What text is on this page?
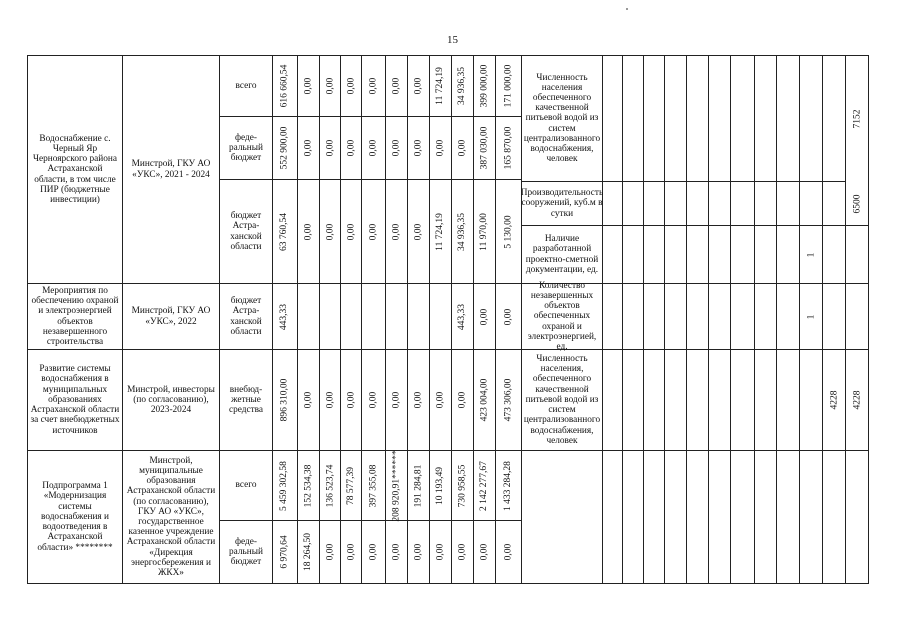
15
Водоснабжение с. Черный Яр Черноярского района Астраханской области, в том числе ПИР (бюджетные инвестиции)
Минстрой, ГКУ АО «УКС», 2021 - 2024
всего
феде-ральный бюджет
бюджет Астра-ханской области
Численность населения обеспеченного качественной питьевой водой из систем централизованного водоснабжения, человек
Производительность сооружений, куб.м в сутки
Наличие разработанной проектно-сметной документации, ед.
Мероприятия по обеспечению охраной и электроэнергией объектов незавершенного строительства
Минстрой, ГКУ АО «УКС», 2022
бюджет Астра-ханской области
Количество незавершенных объектов обеспеченных охраной и электроэнергией, ед.
Развитие системы водоснабжения в муниципальных образованиях Астраханской области за счет внебюджетных источников
Минстрой, инвесторы (по согласованию), 2023-2024
внебюд-жетные средства
Численность населения, обеспеченного качественной питьевой водой из систем централизованного водоснабжения, человек
Подпрограмма 1 «Модернизация системы водоснабжения и водоотведения в Астраханской области» ********
Минстрой, муниципальные образования Астраханской области (по согласованию), ГКУ АО «УКС», государственное казенное учреждение Астраханской области «Дирекция энергосбережения и ЖКХ»
всего
феде-ральный бюджет
616 660,54 0,00 0,00 0,00 0,00 0,00 0,00 11 724,19 34 936,35 399 000,00 171 000,00
552 900,00 0,00 0,00 0,00 0,00 0,00 0,00 0,00 0,00 387 030,00 165 870,00
63 760,54 0,00 0,00 0,00 0,00 0,00 0,00 11 724,19 34 936,35 11 970,00 5 130,00
443,33	443,33 0,00 0,00
896 310,00 0,00 0,00 0,00 0,00 0,00 0,00 0,00 0,00 423 004,00 473 306,00
5 459 302,58 152 534,38 136 523,74 78 577,39 397 355,08 208 920,91****** 191 284,81 10 193,49 730 958,55 2 142 277,67 1 433 284,28
6 970,64 18 264,50 0,00 0,00 0,00 0,00 0,00 0,00 0,00 0,00 0,00
7152
6500
1
1
4228 4228
